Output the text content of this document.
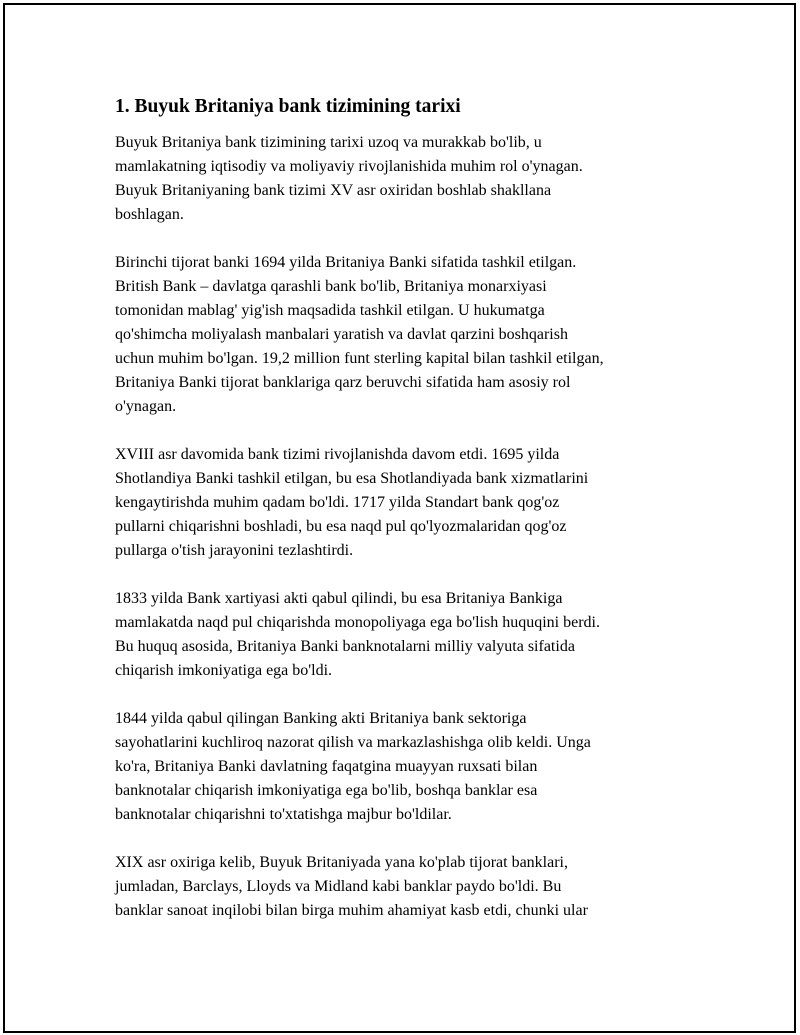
1. Buyuk Britaniya bank tizimining tarixi

Buyuk Britaniya bank tizimining tarixi uzoq va murakkab bo'lib, u
mamlakatning iqtisodiy va moliyaviy rivojlanishida muhim rol o'ynagan.
Buyuk Britaniyaning bank tizimi XV asr oxiridan boshlab shakllana
boshlagan.

Birinchi tijorat banki 1694 yilda Britaniya Banki sifatida tashkil etilgan.
British Bank – davlatga qarashli bank bo'lib, Britaniya monarxiyasi
tomonidan mablag' yig'ish maqsadida tashkil etilgan. U hukumatga
qo'shimcha moliyalash manbalari yaratish va davlat qarzini boshqarish
uchun muhim bo'lgan. 19,2 million funt sterling kapital bilan tashkil etilgan,
Britaniya Banki tijorat banklariga qarz beruvchi sifatida ham asosiy rol
o'ynagan.

XVIII asr davomida bank tizimi rivojlanishda davom etdi. 1695 yilda
Shotlandiya Banki tashkil etilgan, bu esa Shotlandiyada bank xizmatlarini
kengaytirishda muhim qadam bo'ldi. 1717 yilda Standart bank qog'oz
pullarni chiqarishni boshladi, bu esa naqd pul qo'lyozmalaridan qog'oz
pullarga o'tish jarayonini tezlashtirdi.

1833 yilda Bank xartiyasi akti qabul qilindi, bu esa Britaniya Bankiga
mamlakatda naqd pul chiqarishda monopoliyaga ega bo'lish huquqini berdi.
Bu huquq asosida, Britaniya Banki banknotalarni milliy valyuta sifatida
chiqarish imkoniyatiga ega bo'ldi.

1844 yilda qabul qilingan Banking akti Britaniya bank sektoriga
sayohatlarini kuchliroq nazorat qilish va markazlashishga olib keldi. Unga
ko'ra, Britaniya Banki davlatning faqatgina muayyan ruxsati bilan
banknotalar chiqarish imkoniyatiga ega bo'lib, boshqa banklar esa
banknotalar chiqarishni to'xtatishga majbur bo'ldilar.

XIX asr oxiriga kelib, Buyuk Britaniyada yana ko'plab tijorat banklari,
jumladan, Barclays, Lloyds va Midland kabi banklar paydo bo'ldi. Bu
banklar sanoat inqilobi bilan birga muhim ahamiyat kasb etdi, chunki ular
